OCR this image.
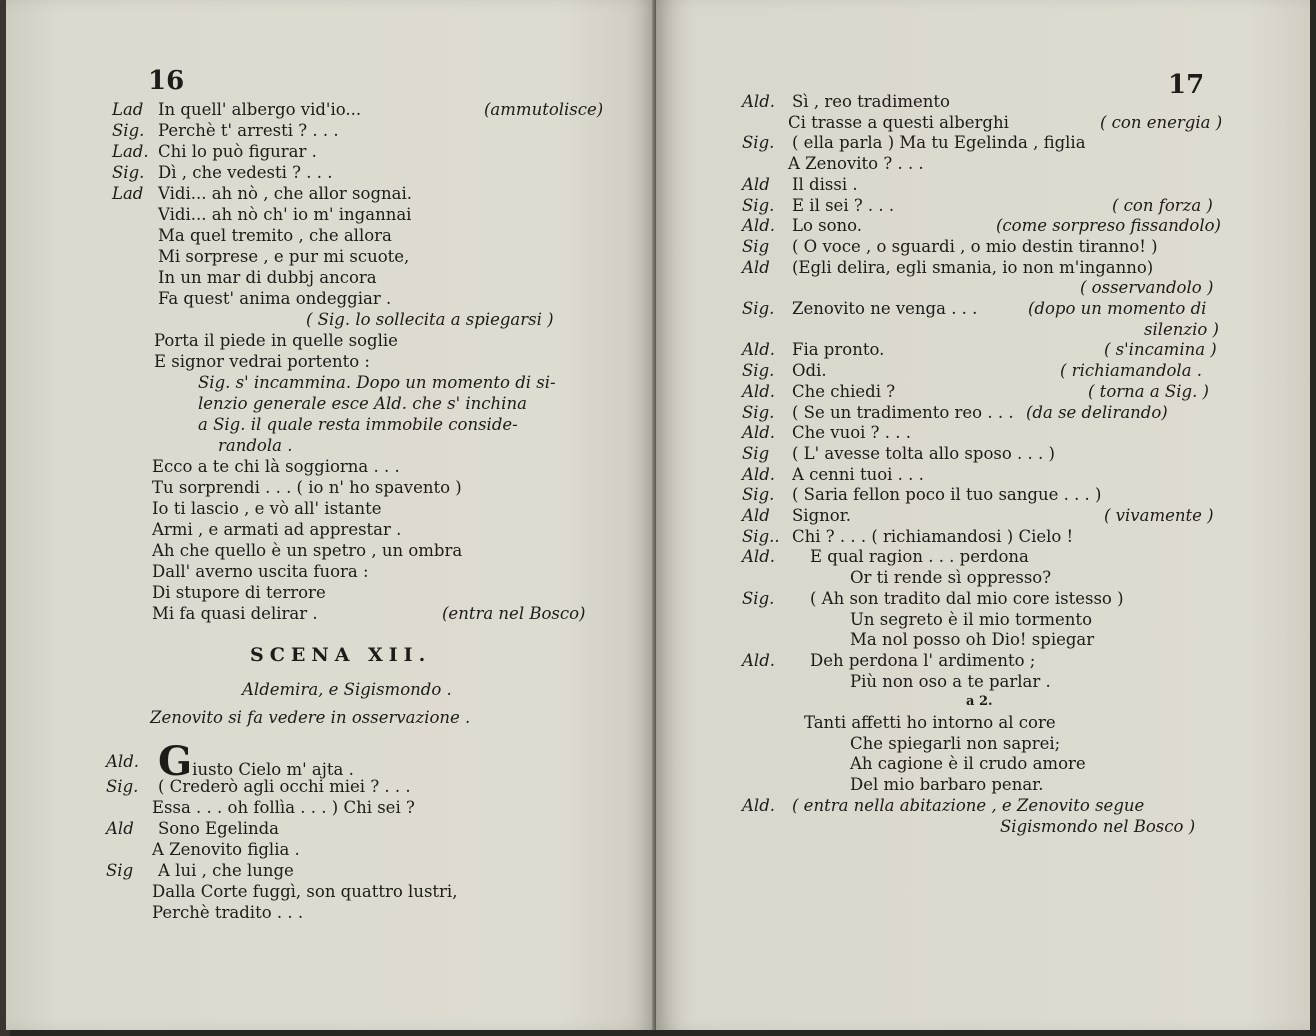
16
Lad In quell' albergo vid'io...	(ammutolisce)
Sig. Perchè t' arresti ? . . .
Lad. Chi lo può figurar .
Sig. Dì , che vedesti ? . . .
Lad Vidi... ah nò , che allor sognai.
Vidi... ah nò ch' io m' ingannai
Ma quel tremito , che allora
Mi sorprese , e pur mi scuote,
In un mar di dubbj ancora
Fa quest' anima ondeggiar .
( Sig. lo sollecita a spiegarsi )
Porta il piede in quelle soglie
E signor vedrai portento :
Sig. s' incammina. Dopo un momento di si-
lenzio generale esce Ald. che s' inchina
a Sig. il quale resta immobile conside-
randola .
Ecco a te chi là soggiorna . . .
Tu sorprendi . . . ( io n' ho spavento )
Io ti lascio , e vò all' istante
Armi , e armati ad apprestar .
Ah che quello è un spetro , un ombra
Dall' averno uscita fuora :
Di stupore di terrore
Mi fa quasi delirar .	(entra nel Bosco)
SCENA XII.
Aldemira, e Sigismondo .
Zenovito si fa vedere in osservazione .
Ald. Giusto Cielo m' ajta .
Sig. ( Crederò agli occhi miei ? . . .
Essa . . . oh follìa . . . ) Chi sei ?
Ald Sono Egelinda
A Zenovito figlia .
Sig A lui , che lunge
Dalla Corte fuggì, son quattro lustri,
Perchè tradito . . .
17
Ald. Sì , reo tradimento
Ci trasse a questi alberghi	( con energia )
Sig. ( ella parla ) Ma tu Egelinda , figlia
A Zenovito ? . . .
Ald Il dissi .
Sig. E il sei ? . . .	( con forza )
Ald. Lo sono.	(come sorpreso fissandolo)
Sig ( O voce , o sguardi , o mio destin tiranno! )
Ald (Egli delira, egli smania, io non m'inganno)
( osservandolo )
Sig. Zenovito ne venga . . .	(dopo un momento di
silenzio )
Ald. Fia pronto.	( s'incamina )
Sig. Odi.	( richiamandola .
Ald. Che chiedi ?	( torna a Sig. )
Sig. ( Se un tradimento reo . . . (da se delirando)
Ald. Che vuoi ? . . .
Sig ( L' avesse tolta allo sposo . . . )
Ald. A cenni tuoi . . .
Sig. ( Saria fellon poco il tuo sangue . . . )
Ald Signor.	( vivamente )
Sig.. Chi ? . . . ( richiamandosi ) Cielo !
Ald. E qual ragion . . . perdona
Or ti rende sì oppresso?
Sig. ( Ah son tradito dal mio core istesso )
Un segreto è il mio tormento
Ma nol posso oh Dio! spiegar
Ald. Deh perdona l' ardimento ;
Più non oso a te parlar .
a 2.
Tanti affetti ho intorno al core
Che spiegarli non saprei;
Ah cagione è il crudo amore
Del mio barbaro penar.
Ald. ( entra nella abitazione , e Zenovito segue
Sigismondo nel Bosco )
